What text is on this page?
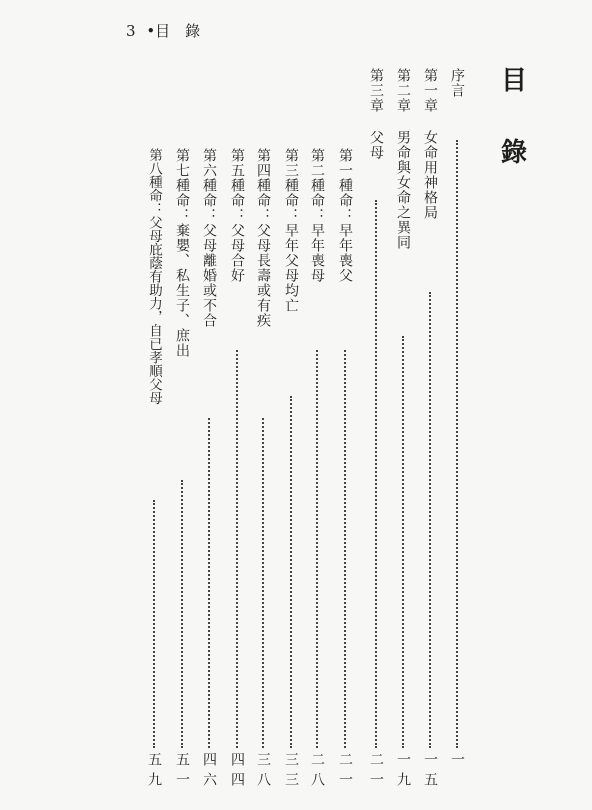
3 •目　錄
目
錄
序言
一
第一章 女命用神格局
一五
第二章 男命與女命之異同
一九
第三章 父母
二一
第一種命：早年喪父
二一
第二種命：早年喪母
二八
第三種命：早年父母均亡
三三
第四種命：父母長壽或有疾
三八
第五種命：父母合好
四四
第六種命：父母離婚或不合
四六
第七種命：棄嬰、私生子、庶出
五一
第八種命：父母庇蔭有助力，自已孝順父母
五九
